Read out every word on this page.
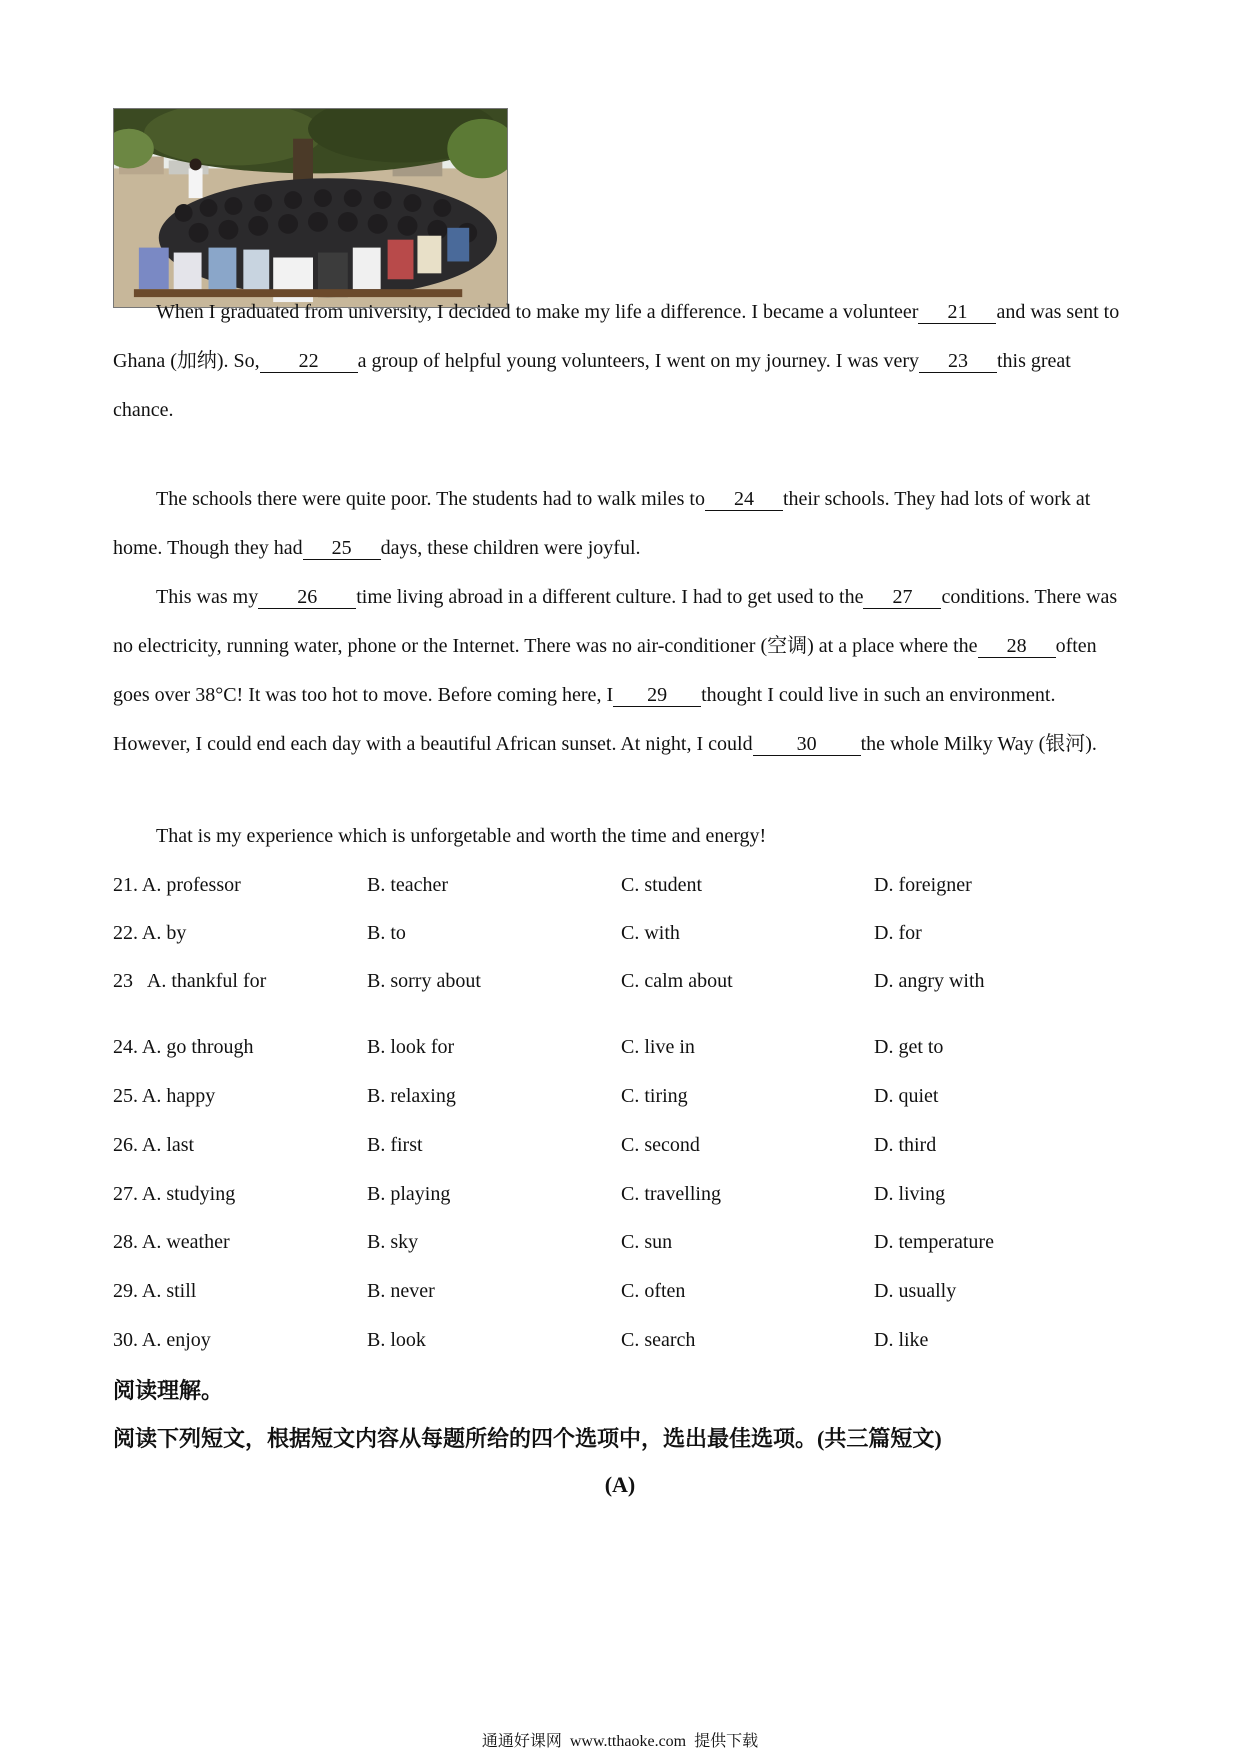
When I graduated from university, I decided to make my life a difference. I became a volunteer 21 and was sent to Ghana (加纳). So, 22 a group of helpful young volunteers, I went on my journey. I was very 23 this great chance.

The schools there were quite poor. The students had to walk miles to 24 their schools. They had lots of work at home. Though they had 25 days, these children were joyful.

This was my 26 time living abroad in a different culture. I had to get used to the 27 conditions. There was no electricity, running water, phone or the Internet. There was no air-conditioner (空调) at a place where the 28 often goes over 38°C! It was too hot to move. Before coming here, I 29 thought I could live in such an environment. However, I could end each day with a beautiful African sunset. At night, I could 30 the whole Milky Way (银河).

That is my experience which is unforgetable and worth the time and energy!

21. A. professor	B. teacher	C. student	D. foreigner
22. A. by	B. to	C. with	D. for
23   A. thankful for	B. sorry about	C. calm about	D. angry with
24. A. go through	B. look for	C. live in	D. get to
25. A. happy	B. relaxing	C. tiring	D. quiet
26. A. last	B. first	C. second	D. third
27. A. studying	B. playing	C. travelling	D. living
28. A. weather	B. sky	C. sun	D. temperature
29. A. still	B. never	C. often	D. usually
30. A. enjoy	B. look	C. search	D. like
阅读理解。
阅读下列短文，根据短文内容从每题所给的四个选项中，选出最佳选项。(共三篇短文)
(A)
通通好课网  www.tthaoke.com  提供下载
